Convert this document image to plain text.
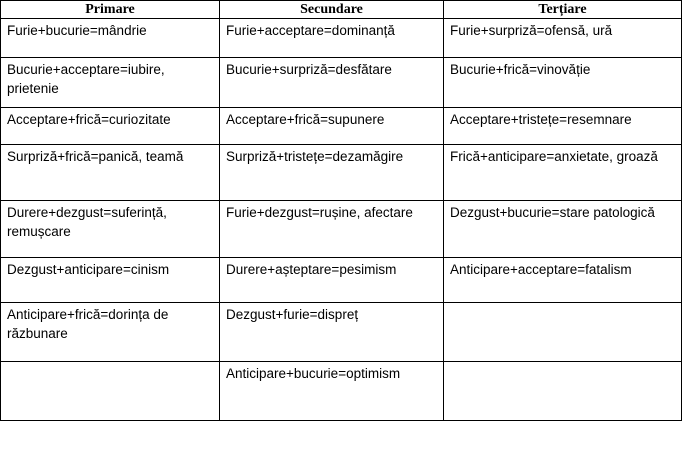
Primare	Secundare	Terțiare
Furie+bucurie=mândrie	Furie+acceptare=dominanță	Furie+surpriză=ofensă, ură
Bucurie+acceptare=iubire, prietenie	Bucurie+surpriză=desfătare	Bucurie+frică=vinovăție
Acceptare+frică=curiozitate	Acceptare+frică=supunere	Acceptare+tristețe=resemnare
Surpriză+frică=panică, teamă	Surpriză+tristețe=dezamăgire	Frică+anticipare=anxietate, groază
Durere+dezgust=suferință, remușcare	Furie+dezgust=rușine, afectare	Dezgust+bucurie=stare patologică
Dezgust+anticipare=cinism	Durere+așteptare=pesimism	Anticipare+acceptare=fatalism
Anticipare+frică=dorința de răzbunare	Dezgust+furie=dispreț	
	Anticipare+bucurie=optimism	
